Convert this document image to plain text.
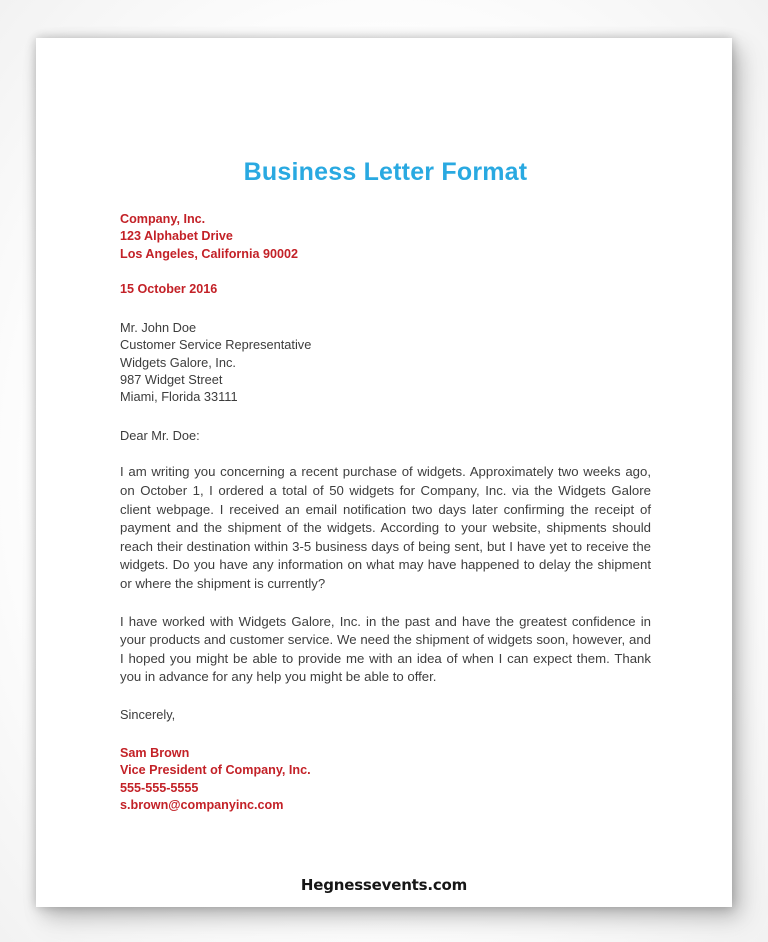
Business Letter Format
Company, Inc.
123 Alphabet Drive
Los Angeles, California 90002
15 October 2016
Mr. John Doe
Customer Service Representative
Widgets Galore, Inc.
987 Widget Street
Miami, Florida 33111
Dear Mr. Doe:
I am writing you concerning a recent purchase of widgets. Approximately two weeks ago, on October 1, I ordered a total of 50 widgets for Company, Inc. via the Widgets Galore client webpage. I received an email notification two days later confirming the receipt of payment and the shipment of the widgets. According to your website, shipments should reach their destination within 3-5 business days of being sent, but I have yet to receive the widgets. Do you have any information on what may have happened to delay the shipment or where the shipment is currently?
I have worked with Widgets Galore, Inc. in the past and have the greatest confidence in your products and customer service. We need the shipment of widgets soon, however, and I hoped you might be able to provide me with an idea of when I can expect them. Thank you in advance for any help you might be able to offer.
Sincerely,
Sam Brown
Vice President of Company, Inc.
555-555-5555
s.brown@companyinc.com
Hegnessevents.com
